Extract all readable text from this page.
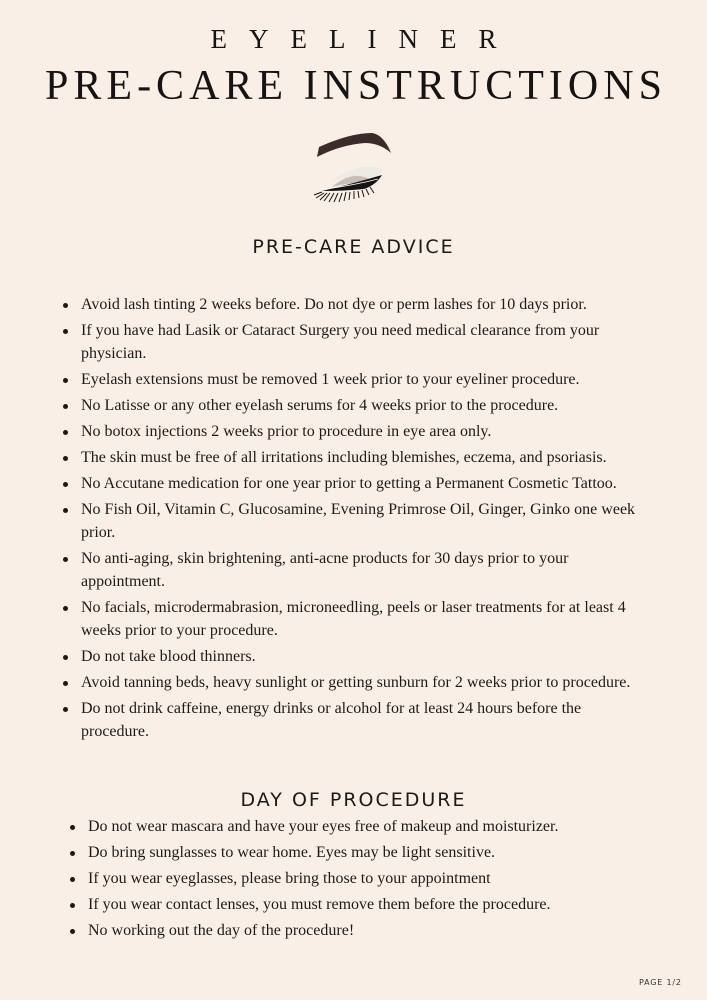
EYELINER
PRE-CARE INSTRUCTIONS
PRE-CARE ADVICE
Avoid lash tinting 2 weeks before. Do not dye or perm lashes for 10 days prior.
If you have had Lasik or Cataract Surgery you need medical clearance from your physician.
Eyelash extensions must be removed 1 week prior to your eyeliner procedure.
No Latisse or any other eyelash serums for 4 weeks prior to the procedure.
No botox injections 2 weeks prior to procedure in eye area only.
The skin must be free of all irritations including blemishes, eczema, and psoriasis.
No Accutane medication for one year prior to getting a Permanent Cosmetic Tattoo.
No Fish Oil, Vitamin C, Glucosamine, Evening Primrose Oil, Ginger, Ginko one week prior.
No anti-aging, skin brightening, anti-acne products for 30 days prior to your appointment.
No facials, microdermabrasion, microneedling, peels or laser treatments for at least 4 weeks prior to your procedure.
Do not take blood thinners.
Avoid tanning beds, heavy sunlight or getting sunburn for 2 weeks prior to procedure.
Do not drink caffeine, energy drinks or alcohol for at least 24 hours before the procedure.
DAY OF PROCEDURE
Do not wear mascara and have your eyes free of makeup and moisturizer.
Do bring sunglasses to wear home. Eyes may be light sensitive.
If you wear eyeglasses, please bring those to your appointment
If you wear contact lenses, you must remove them before the procedure.
No working out the day of the procedure!
PAGE 1/2
